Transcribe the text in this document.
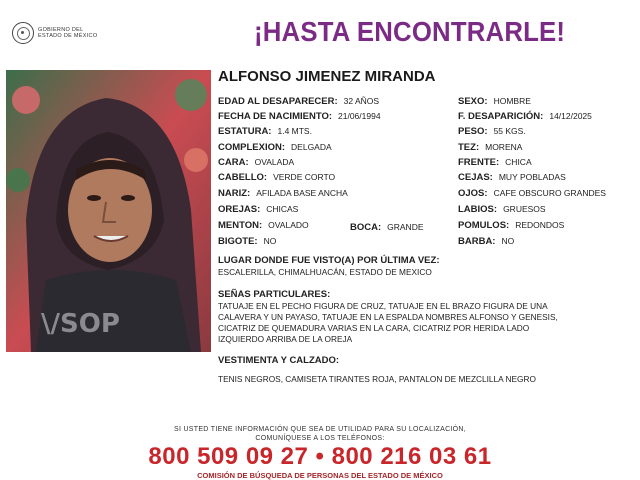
GOBIERNO DEL
ESTADO DE MÉXICO	¡HASTA ENCONTRARLE!
\/SOP
ALFONSO JIMENEZ MIRANDA
EDAD AL DESAPARECER: 32 AÑOS
FECHA DE NACIMIENTO: 21/06/1994
ESTATURA: 1.4 MTS.
COMPLEXION: DELGADA
CARA: OVALADA
CABELLO: VERDE CORTO
NARIZ: AFILADA BASE ANCHA
OREJAS: CHICAS
MENTON: OVALADO
BIGOTE: NO
BOCA: GRANDE
SEXO: HOMBRE
F. DESAPARICIÓN: 14/12/2025
PESO: 55 KGS.
TEZ: MORENA
FRENTE: CHICA
CEJAS: MUY POBLADAS
OJOS: CAFE OBSCURO GRANDES
LABIOS: GRUESOS
POMULOS: REDONDOS
BARBA: NO
LUGAR DONDE FUE VISTO(A) POR ÚLTIMA VEZ:
ESCALERILLA, CHIMALHUACÁN, ESTADO DE MEXICO
SEÑAS PARTICULARES:
TATUAJE EN EL PECHO FIGURA DE CRUZ, TATUAJE EN EL BRAZO FIGURA DE UNA
CALAVERA Y UN PAYASO, TATUAJE EN LA ESPALDA NOMBRES ALFONSO Y GENESIS,
CICATRIZ DE QUEMADURA VARIAS EN LA CARA, CICATRIZ POR HERIDA LADO
IZQUIERDO ARRIBA DE LA OREJA
VESTIMENTA Y CALZADO:
TENIS NEGROS, CAMISETA TIRANTES ROJA, PANTALON DE MEZCLILLA NEGRO
SI USTED TIENE INFORMACIÓN QUE SEA DE UTILIDAD PARA SU LOCALIZACIÓN,
COMUNÍQUESE A LOS TELÉFONOS:
800 509 09 27 • 800 216 03 61
COMISIÓN DE BÚSQUEDA DE PERSONAS DEL ESTADO DE MÉXICO
